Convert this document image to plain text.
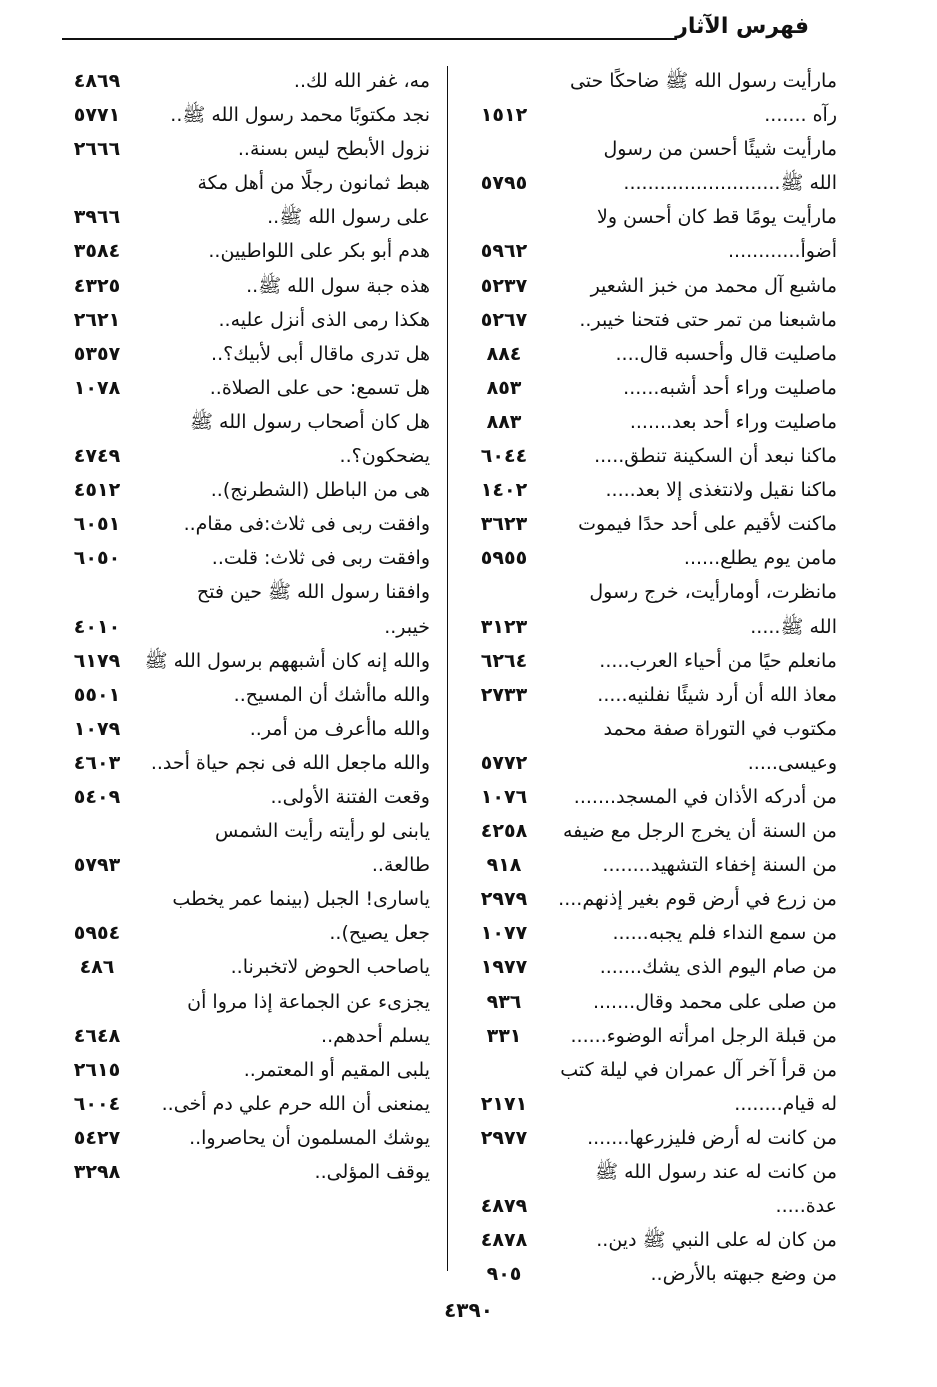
فهرس الآثار
مارأيت رسول الله ﷺ ضاحكًا حتى
رآه .......
١٥١٢
مارأيت شيئًا أحسن من رسول
الله ﷺ..........................
٥٧٩٥
مارأيت يومًا قط كان أحسن ولا
أضوأ............
٥٩٦٢
ماشبع آل محمد من خبز الشعير
٥٢٣٧
ماشبعنا من تمر حتى فتحنا خيبر..
٥٢٦٧
ماصليت قال وأحسبه قال....
٨٨٤
ماصليت وراء أحد أشبه......
٨٥٣
ماصليت وراء أحد بعد.......
٨٨٣
ماكنا نبعد أن السكينة تنطق.....
٦٠٤٤
ماكنا نقيل ولانتغذى إلا بعد.....
١٤٠٢
ماكنت لأقيم على أحد حدًا فيموت
٣٦٢٣
مامن يوم يطلع......
٥٩٥٥
مانظرت، أومارأيت، خرج رسول
الله ﷺ.....
٣١٢٣
مانعلم حيًا من أحياء العرب.....
٦٢٦٤
معاذ الله أن أرد شيئًا نفلنيه.....
٢٧٣٣
مكتوب في التوراة صفة محمد
وعيسى.....
٥٧٧٢
من أدركه الأذان في المسجد.......
١٠٧٦
من السنة أن يخرج الرجل مع ضيفه
٤٢٥٨
من السنة إخفاء التشهيد........
٩١٨
من زرع في أرض قوم بغير إذنهم....
٢٩٧٩
من سمع النداء فلم يجبه......
١٠٧٧
من صام اليوم الذى يشك.......
١٩٧٧
من صلى على محمد وقال.......
٩٣٦
من قبلة الرجل امرأته الوضوء......
٣٣١
من قرأ آخر آل عمران في ليلة كتب
له قيام........
٢١٧١
من كانت له أرض فليزرعها.......
٢٩٧٧
من كانت له عند رسول الله ﷺ
عدة.....
٤٨٧٩
من كان له على النبي ﷺ دين..
٤٨٧٨
من وضع جبهته بالأرض..
٩٠٥
مه، غفر الله لك..
٤٨٦٩
نجد مكتوبًا محمد رسول الله ﷺ..
٥٧٧١
نزول الأبطح ليس بسنة..
٢٦٦٦
هبط ثمانون رجلًا من أهل مكة
على رسول الله ﷺ..
٣٩٦٦
هدم أبو بكر على اللواطيين..
٣٥٨٤
هذه جبة سول الله ﷺ..
٤٣٢٥
هكذا رمى الذى أنزل عليه..
٢٦٢١
هل تدرى ماقال أبى لأبيك؟..
٥٣٥٧
هل تسمع: حى على الصلاة..
١٠٧٨
هل كان أصحاب رسول الله ﷺ
يضحكون؟..
٤٧٤٩
هى من الباطل (الشطرنج)..
٤٥١٢
وافقت ربى فى ثلاث:فى مقام..
٦٠٥١
وافقت ربى فى ثلاث: قلت..
٦٠٥٠
وافقنا رسول الله ﷺ حين فتح
خيبر..
٤٠١٠
والله إنه كان أشبههم برسول الله ﷺ
٦١٧٩
والله ماأشك أن المسيح..
٥٥٠١
والله ماأعرف من أمر..
١٠٧٩
والله ماجعل الله فى نجم حياة أحد..
٤٦٠٣
وقعت الفتنة الأولى..
٥٤٠٩
يابنى لو رأيته رأيت الشمس
طالعة..
٥٧٩٣
ياسارى! الجبل (بينما عمر يخطب
جعل يصيح)..
٥٩٥٤
ياصاحب الحوض لاتخبرنا..
٤٨٦
يجزىء عن الجماعة إذا مروا أن
يسلم أحدهم..
٤٦٤٨
يلبى المقيم أو المعتمر..
٢٦١٥
يمنعنى أن الله حرم علي دم أخى..
٦٠٠٤
يوشك المسلمون أن يحاصروا..
٥٤٢٧
يوقف المؤلى..
٣٢٩٨
٤٣٩٠
